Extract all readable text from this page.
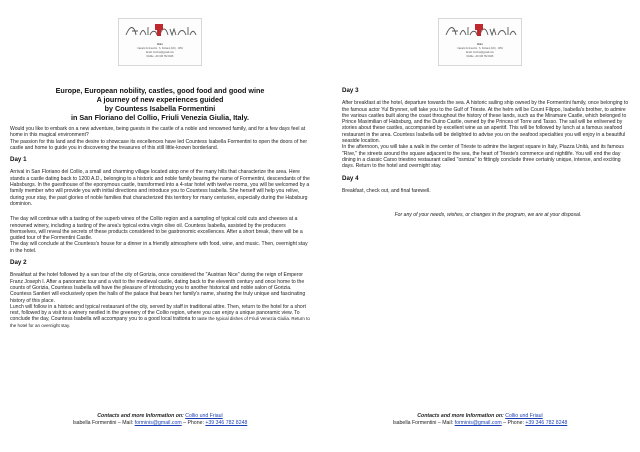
Ilolo
Castello Formentini · S. Floriano (UD) · 1954
Email: forminis@gmail.com
Mobile: +39 346 782 8248
Europe, European nobility, castles, good food and good wine
A journey of new experiences guided
by Countess Isabella Formentini
in San Floriano del Collio, Friuli Venezia Giulia, Italy.
Would you like to embark on a new adventure, being guests in the castle of a noble and renowned family, and for a few days feel at home in this magical environment?

The passion for this land and the desire to showcase its excellences have led Countess Isabella Formentini to open the doors of her castle and home to guide you in discovering the treasures of this still little-known borderland.

Day 1

Arrival in San Floriano del Collio, a small and charming village located atop one of the many hills that characterize the area. Here stands a castle dating back to 1200 A.D., belonging to a historic and noble family bearing the name of Formentini, descendants of the Habsburgs. In the guesthouse of the eponymous castle, transformed into a 4-star hotel with twelve rooms, you will be welcomed by a family member who will provide you with initial directions and introduce you to Countess Isabella. She herself will help you relive, during your stay, the past glories of noble families that characterized this territory for many centuries, especially during the Habsburg dominion.

The day will continue with a tasting of the superb wines of the Collio region and a sampling of typical cold cuts and cheeses at a renowned winery, including a tasting of the area's typical extra virgin olive oil. Countess Isabella, assisted by the producers themselves, will reveal the secrets of these products considered to be gastronomic excellences. After a short break, there will be a guided tour of the Formentini Castle.

The day will conclude at the Countess's house for a dinner in a friendly atmosphere with food, wine, and music. Then, overnight stay in the hotel.

Day 2
Breakfast at the hotel followed by a van tour of the city of Gorizia, once considered the "Austrian Nice" during the reign of Emperor Franz Joseph I. After a panoramic tour and a visit to the medieval castle, dating back to the eleventh century and once home to the counts of Gorizia, Countess Isabella will have the pleasure of introducing you to another historical and noble salon of Gorizia. Countess Santieri will exclusively open the halls of the palace that bears her family's name, sharing the truly unique and fascinating history of this place.
Lunch will follow in a historic and typical restaurant of the city, served by staff in traditional attire. Then, return to the hotel for a short rest, followed by a visit to a winery nestled in the greenery of the Collio region, where you can enjoy a unique panoramic view. To conclude the day, Countess Isabella will accompany you to a good local trattoria to taste the typical dishes of Friuli Venezia Giulia. Return to the hotel for an overnight stay.
Contacts and more Information on: Collio und Friaul
Isabella Formentini – Mail: forminis@gmail.com – Phone: +39 346 782 8248
Ilolo
Castello Formentini · S. Floriano (UD) · 1954
Email: forminis@gmail.com
Mobile: +39 346 782 8248
Day 3
After breakfast at the hotel, departure towards the sea. A historic sailing ship owned by the Formentini family, once belonging to the famous actor Yul Brynner, will take you to the Gulf of Trieste. At the helm will be Count Filippo, Isabella's brother, to admire the various castles built along the coast throughout the history of these lands, such as the Miramare Castle, which belonged to Prince Maximilian of Habsburg, and the Duino Castle, owned by the Princes of Torre and Tasso. The sail will be enlivened by stories about these castles, accompanied by excellent wine as an aperitif. This will be followed by lunch at a famous seafood restaurant in the area. Countess Isabella will be delighted to advise you on the seafood specialties you will enjoy in a beautiful seaside location.

In the afternoon, you will take a walk in the center of Trieste to admire the largest square in Italy, Piazza Unità, and its famous "Rive," the streets around the square adjacent to the sea, the heart of Trieste's commerce and nightlife. You will end the day dining in a classic Carso triestino restaurant called "osmiza" to fittingly conclude three certainly unique, intense, and exciting days. Return to the hotel and overnight stay.

Day 4

Breakfast, check out, and final farewell.

For any of your needs, wishes, or changes in the program, we are at your disposal.
Contacts and more Information on: Collio und Friaul
Isabella Formentini – Mail: forminis@gmail.com – Phone: +39 346 782 8248
